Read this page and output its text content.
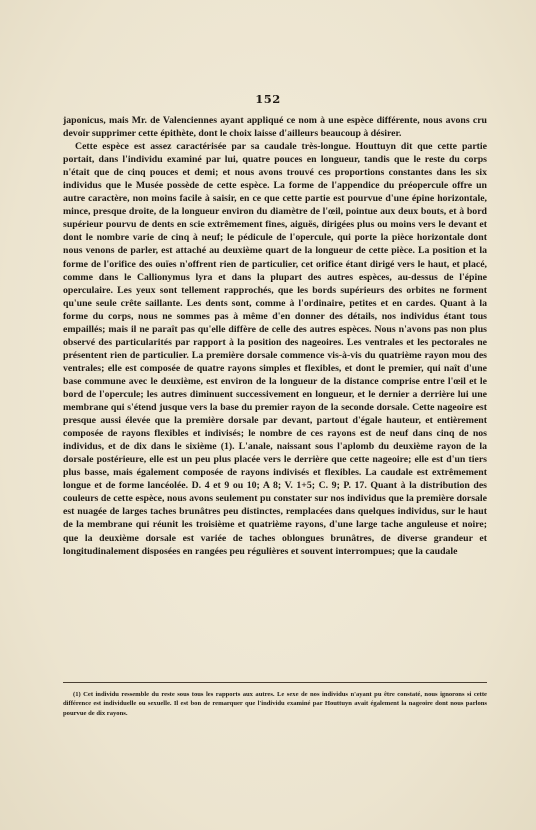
152

japonicus, mais Mr. de Valenciennes ayant appliqué ce nom à une espèce différente, nous avons cru devoir supprimer cette épithète, dont le choix laisse d'ailleurs beaucoup à désirer.

Cette espèce est assez caractérisée par sa caudale très-longue. Houttuyn dit que cette partie portait, dans l'individu examiné par lui, quatre pouces en longueur, tandis que le reste du corps n'était que de cinq pouces et demi; et nous avons trouvé ces proportions constantes dans les six individus que le Musée possède de cette espèce. La forme de l'appendice du préopercule offre un autre caractère, non moins facile à saisir, en ce que cette partie est pourvue d'une épine horizontale, mince, presque droite, de la longueur environ du diamètre de l'œil, pointue aux deux bouts, et à bord supérieur pourvu de dents en scie extrêmement fines, aiguës, dirigées plus ou moins vers le devant et dont le nombre varie de cinq à neuf; le pédicule de l'opercule, qui porte la pièce horizontale dont nous venons de parler, est attaché au deuxième quart de la longueur de cette pièce. La position et la forme de l'orifice des ouïes n'offrent rien de particulier, cet orifice étant dirigé vers le haut, et placé, comme dans le Callionymus lyra et dans la plupart des autres espèces, au-dessus de l'épine operculaire. Les yeux sont tellement rapprochés, que les bords supérieurs des orbites ne forment qu'une seule crête saillante. Les dents sont, comme à l'ordinaire, petites et en cardes. Quant à la forme du corps, nous ne sommes pas à même d'en donner des détails, nos individus étant tous empaillés; mais il ne paraît pas qu'elle diffère de celle des autres espèces. Nous n'avons pas non plus observé des particularités par rapport à la position des nageoires. Les ventrales et les pectorales ne présentent rien de particulier. La première dorsale commence vis-à-vis du quatrième rayon mou des ventrales; elle est composée de quatre rayons simples et flexibles, et dont le premier, qui naît d'une base commune avec le deuxième, est environ de la longueur de la distance comprise entre l'œil et le bord de l'opercule; les autres diminuent successivement en longueur, et le dernier a derrière lui une membrane qui s'étend jusque vers la base du premier rayon de la seconde dorsale. Cette nageoire est presque aussi élevée que la première dorsale par devant, partout d'égale hauteur, et entièrement composée de rayons flexibles et indivisés; le nombre de ces rayons est de neuf dans cinq de nos individus, et de dix dans le sixième (1). L'anale, naissant sous l'aplomb du deuxième rayon de la dorsale postérieure, elle est un peu plus placée vers le derrière que cette nageoire; elle est d'un tiers plus basse, mais également composée de rayons indivisés et flexibles. La caudale est extrêmement longue et de forme lancéolée. D. 4 et 9 ou 10; A 8; V. 1+5; C. 9; P. 17. Quant à la distribution des couleurs de cette espèce, nous avons seulement pu constater sur nos individus que la première dorsale est nuagée de larges taches brunâtres peu distinctes, remplacées dans quelques individus, sur le haut de la membrane qui réunit les troisième et quatrième rayons, d'une large tache anguleuse et noire; que la deuxième dorsale est variée de taches oblongues brunâtres, de diverse grandeur et longitudinalement disposées en rangées peu régulières et souvent interrompues; que la caudale

(1) Cet individu ressemble du reste sous tous les rapports aux autres. Le sexe de nos individus n'ayant pu être constaté, nous ignorons si cette différence est individuelle ou sexuelle. Il est bon de remarquer que l'individu examiné par Houttuyn avait également la nageoire dont nous parlons pourvue de dix rayons.
